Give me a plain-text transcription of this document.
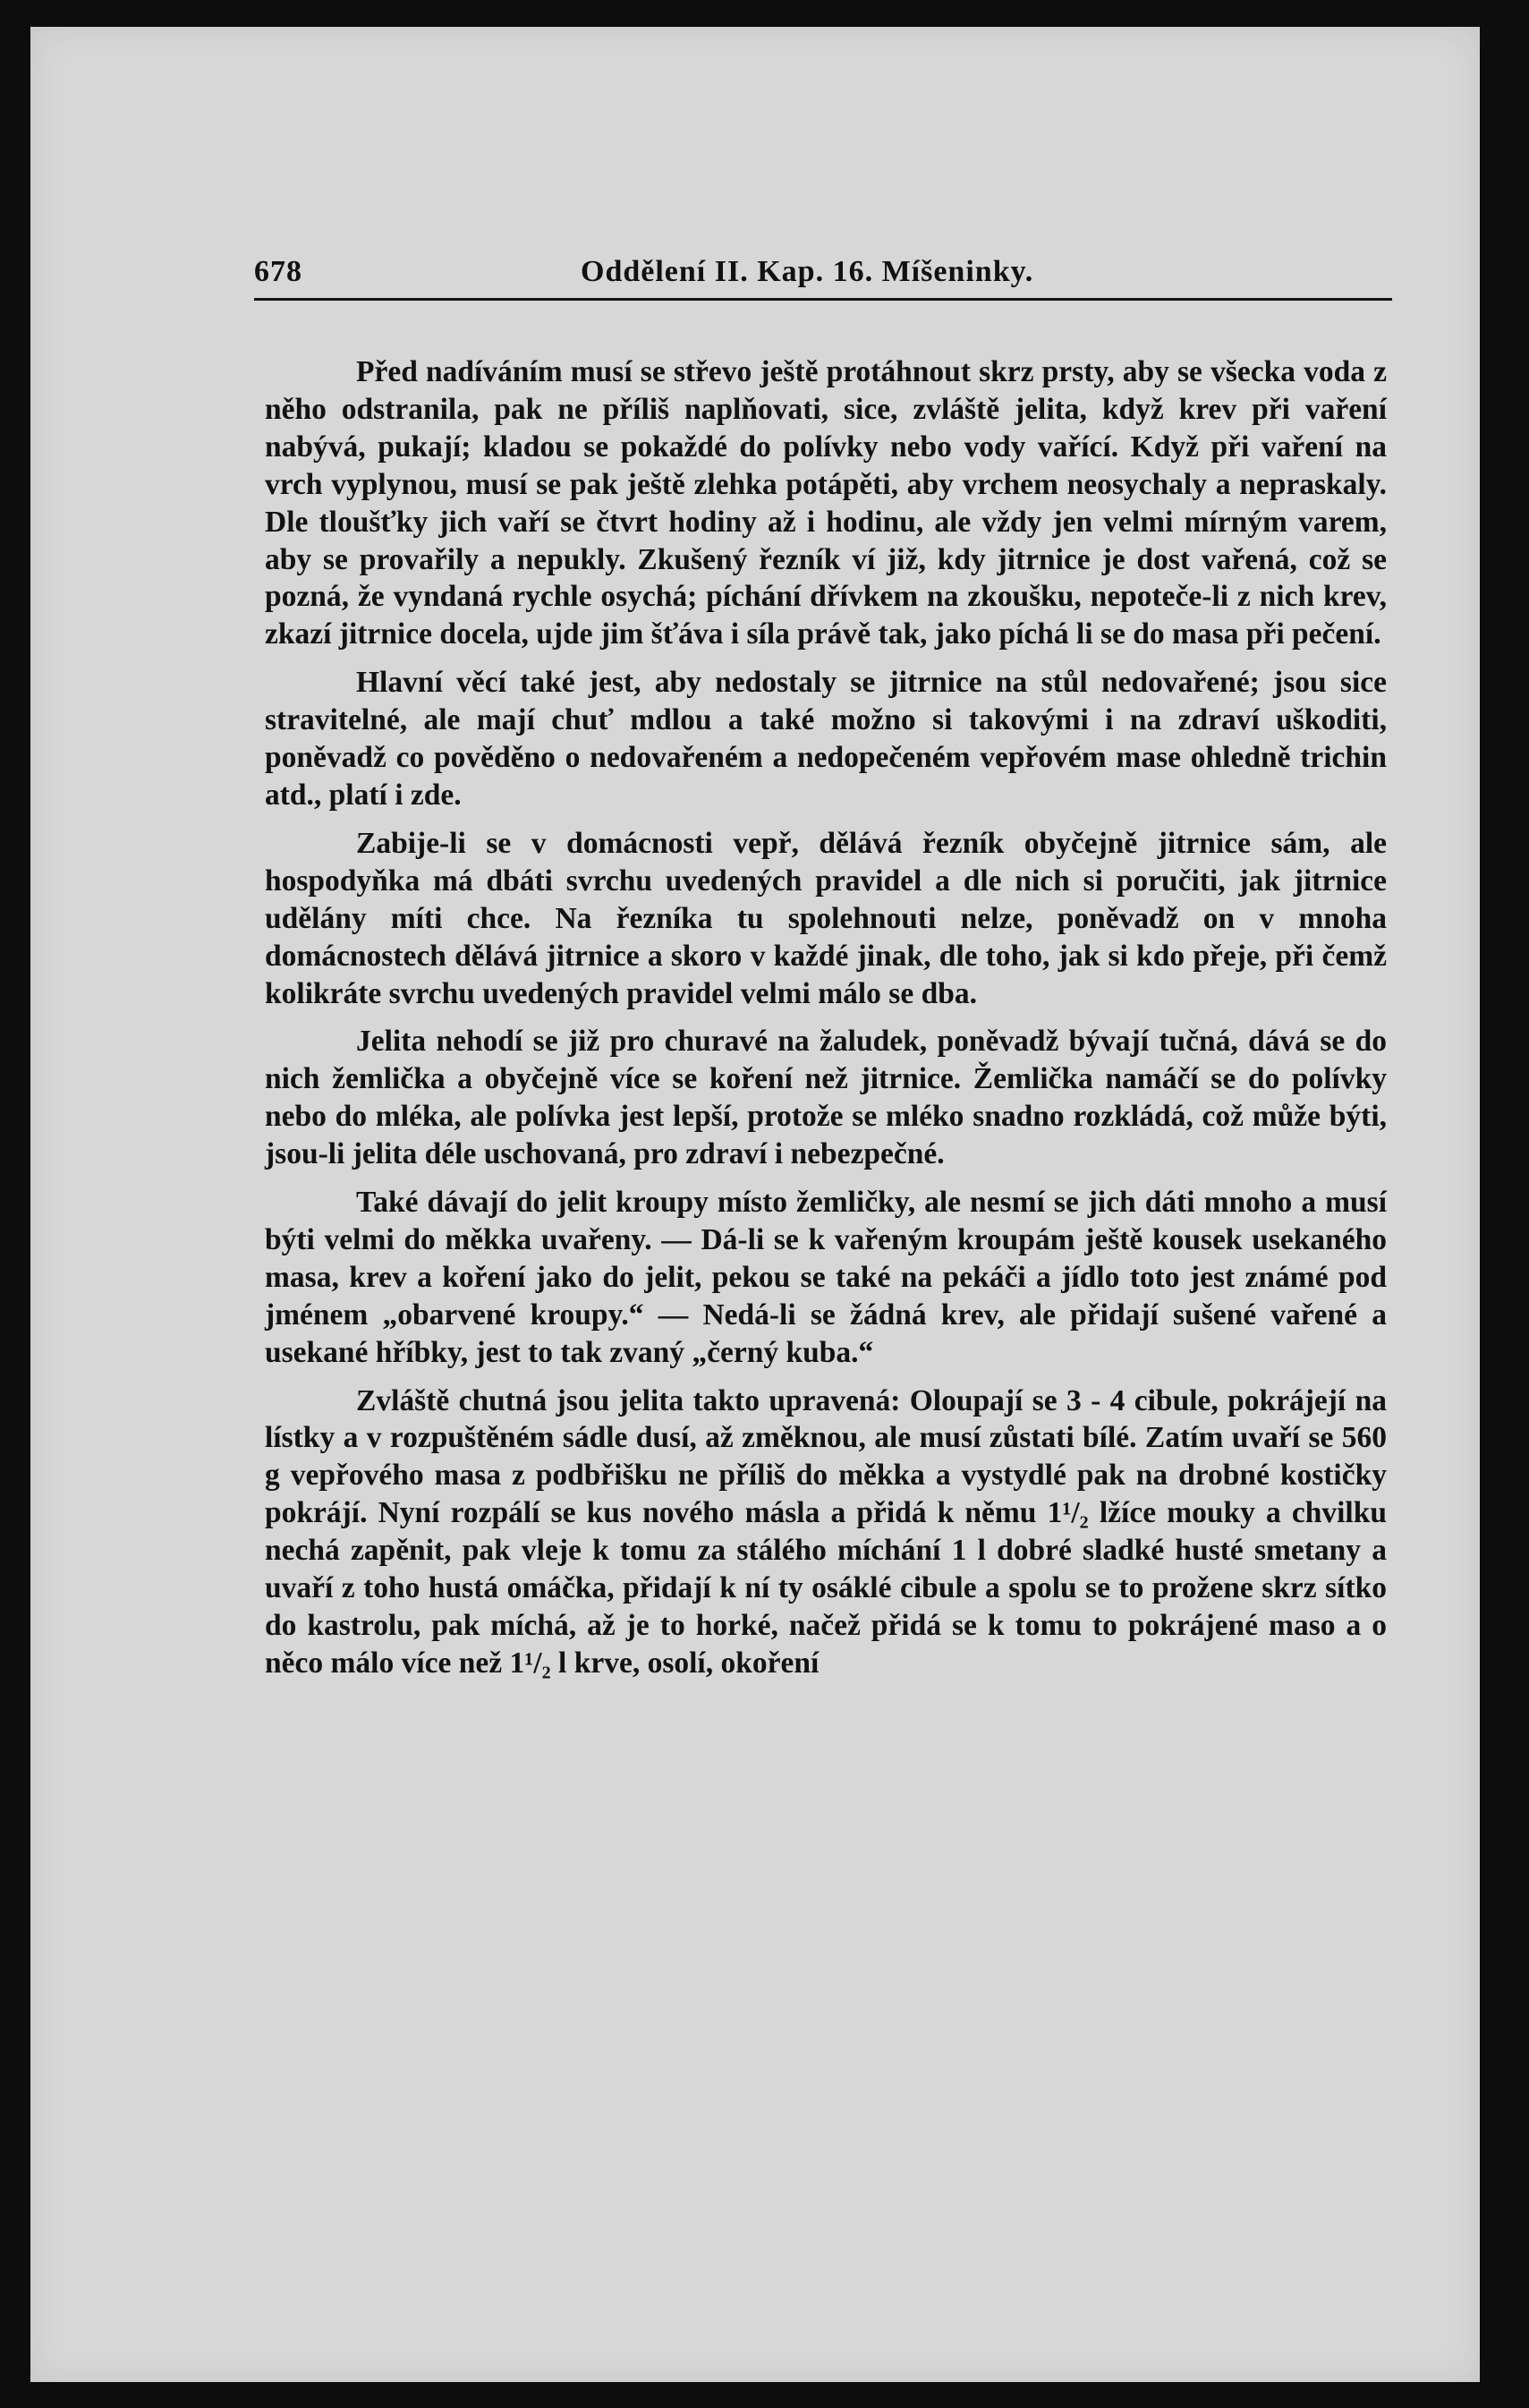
678	Oddělení II. Kap. 16. Míšeninky.

Před nadíváním musí se střevo ještě protáhnout skrz prsty, aby se všecka voda z něho odstranila, pak ne příliš naplňovati, sice, zvláště jelita, když krev při vaření nabývá, pukají; kladou se pokaždé do polívky nebo vody vařící. Když při vaření na vrch vyplynou, musí se pak ještě zlehka potápěti, aby vrchem neosychaly a nepraskaly. Dle tloušťky jich vaří se čtvrt hodiny až i hodinu, ale vždy jen velmi mírným varem, aby se provařily a nepukly. Zkušený řezník ví již, kdy jitrnice je dost vařená, což se pozná, že vyndaná rychle osychá; píchání dřívkem na zkoušku, nepoteče-li z nich krev, zkazí jitrnice docela, ujde jim šťáva i síla právě tak, jako píchá li se do masa při pečení.

Hlavní věcí také jest, aby nedostaly se jitrnice na stůl nedovařené; jsou sice stravitelné, ale mají chuť mdlou a také možno si takovými i na zdraví uškoditi, poněvadž co pověděno o nedovařeném a nedopečeném vepřovém mase ohledně trichin atd., platí i zde.

Zabije-li se v domácnosti vepř, dělává řezník obyčejně jitrnice sám, ale hospodyňka má dbáti svrchu uvedených pravidel a dle nich si poručiti, jak jitrnice udělány míti chce. Na řezníka tu spolehnouti nelze, poněvadž on v mnoha domácnostech dělává jitrnice a skoro v každé jinak, dle toho, jak si kdo přeje, při čemž kolikráte svrchu uvedených pravidel velmi málo se dba.

Jelita nehodí se již pro churavé na žaludek, poněvadž bývají tučná, dává se do nich žemlička a obyčejně více se koření než jitrnice. Žemlička namáčí se do polívky nebo do mléka, ale polívka jest lepší, protože se mléko snadno rozkládá, což může býti, jsou-li jelita déle uschovaná, pro zdraví i nebezpečné.

Také dávají do jelit kroupy místo žemličky, ale nesmí se jich dáti mnoho a musí býti velmi do měkka uvařeny. — Dá-li se k vařeným kroupám ještě kousek usekaného masa, krev a koření jako do jelit, pekou se také na pekáči a jídlo toto jest známé pod jménem „obarvené kroupy.“ — Nedá-li se žádná krev, ale přidají sušené vařené a usekané hříbky, jest to tak zvaný „černý kuba.“

Zvláště chutná jsou jelita takto upravená: Oloupají se 3 - 4 cibule, pokrájejí na lístky a v rozpuštěném sádle dusí, až změknou, ale musí zůstati bílé. Zatím uvaří se 560 g vepřového masa z podbřišku ne příliš do měkka a vystydlé pak na drobné kostičky pokrájí. Nyní rozpálí se kus nového másla a přidá k němu 1¹/₂ lžíce mouky a chvilku nechá zapěnit, pak vleje k tomu za stálého míchání 1 l dobré sladké husté smetany a uvaří z toho hustá omáčka, přidají k ní ty osáklé cibule a spolu se to prožene skrz sítko do kastrolu, pak míchá, až je to horké, načež přidá se k tomu to pokrájené maso a o něco málo více než 1¹/₂ l krve, osolí, okoření
